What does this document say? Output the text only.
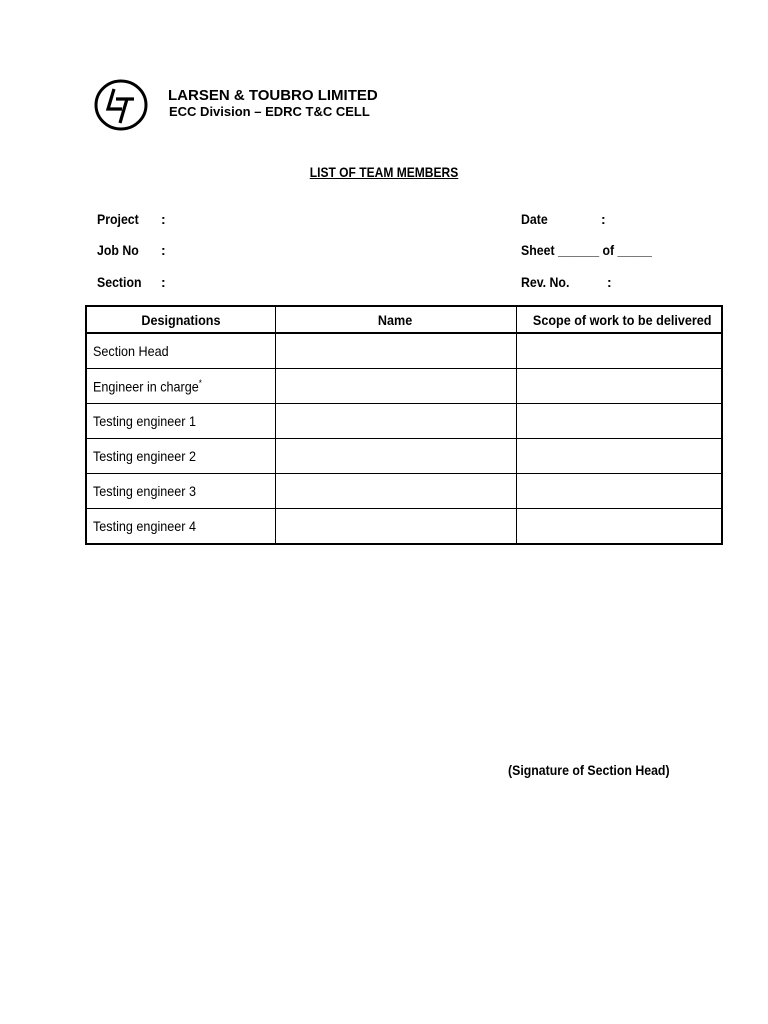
LARSEN & TOUBRO LIMITED
ECC Division – EDRC T&C CELL
LIST OF TEAM MEMBERS
Project :
Job No :
Section :
Date	:
Sheet ______ of _____
Rev. No.	:
Designations	Name	Scope of work to be delivered
Section Head		
Engineer in charge*		
Testing engineer 1		
Testing engineer 2		
Testing engineer 3		
Testing engineer 4		
(Signature of Section Head)
